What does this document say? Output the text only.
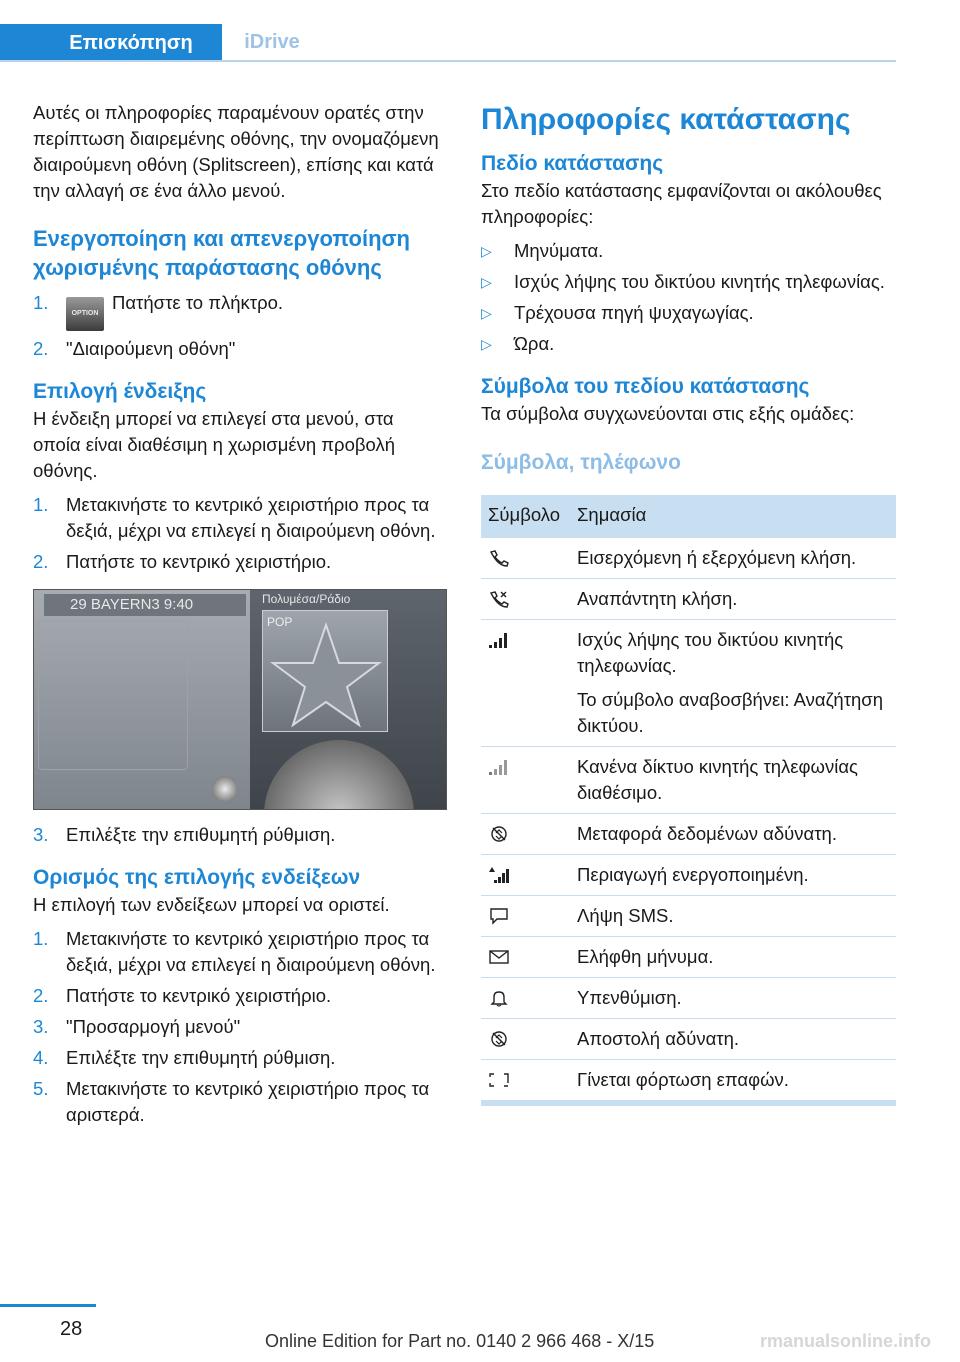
Επισκόπηση	iDrive

Αυτές οι πληροφορίες παραμένουν ορατές στην περίπτωση διαιρεμένης οθόνης, την ονομαζόμενη διαιρούμενη οθόνη (Splitscreen), επίσης και κατά την αλλαγή σε ένα άλλο μενού.

Ενεργοποίηση και απενεργοποίηση χωρισμένης παράστασης οθόνης
1.
OPTIONΠατήστε το πλήκτρο.
2. "Διαιρούμενη οθόνη"
Επιλογή ένδειξης

Η ένδειξη μπορεί να επιλεγεί στα μενού, στα οποία είναι διαθέσιμη η χωρισμένη προβολή οθόνης.

1. Μετακινήστε το κεντρικό χειριστήριο προς τα δεξιά, μέχρι να επιλεγεί η διαιρούμενη οθόνη.
2. Πατήστε το κεντρικό χειριστήριο.
29 BAYERN3 9:40	Πολυμέσα/Ράδιο
POP
3. Επιλέξτε την επιθυμητή ρύθμιση.
Ορισμός της επιλογής ενδείξεων

Η επιλογή των ενδείξεων μπορεί να οριστεί.

1. Μετακινήστε το κεντρικό χειριστήριο προς τα δεξιά, μέχρι να επιλεγεί η διαιρούμενη οθόνη.
2. Πατήστε το κεντρικό χειριστήριο.
3. "Προσαρμογή μενού"
4. Επιλέξτε την επιθυμητή ρύθμιση.
5. Μετακινήστε το κεντρικό χειριστήριο προς τα αριστερά.
Πληροφορίες κατάστασης
Πεδίο κατάστασης

Στο πεδίο κατάστασης εμφανίζονται οι ακόλουθες πληροφορίες:

▷ Μηνύματα.
▷ Ισχύς λήψης του δικτύου κινητής τηλεφωνίας.
▷ Τρέχουσα πηγή ψυχαγωγίας.
▷ Ώρα.
Σύμβολα του πεδίου κατάστασης

Τα σύμβολα συγχωνεύονται στις εξής ομάδες:

Σύμβολα, τηλέφωνο
Σύμβολο	Σημασία

Εισερχόμενη ή εξερχόμενη κλήση.

Αναπάντητη κλήση.

Ισχύς λήψης του δικτύου κινητής τηλεφωνίας.
Το σύμβολο αναβοσβήνει: Αναζήτηση δικτύου.

Κανένα δίκτυο κινητής τηλεφωνίας διαθέσιμο.

Μεταφορά δεδομένων αδύνατη.

Περιαγωγή ενεργοποιημένη.

Λήψη SMS.

Ελήφθη μήνυμα.

Υπενθύμιση.

Αποστολή αδύνατη.

Γίνεται φόρτωση επαφών.

28
Online Edition for Part no. 0140 2 966 468 - X/15	rmanualsonline.info
